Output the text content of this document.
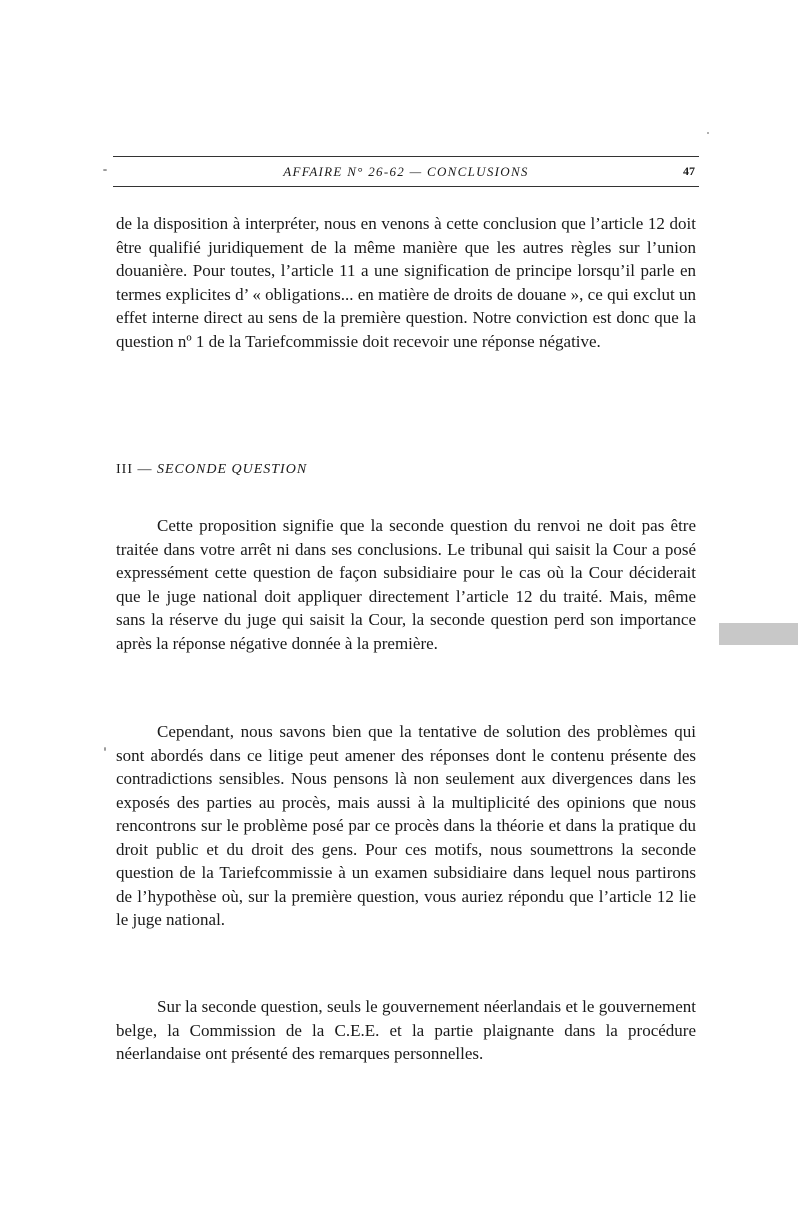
AFFAIRE N° 26-62 — CONCLUSIONS	47

de la disposition à interpréter, nous en venons à cette conclusion que l’article 12 doit être qualifié juridiquement de la même manière que les autres règles sur l’union douanière. Pour toutes, l’article 11 a une signification de principe lorsqu’il parle en termes explicites d’ « obligations... en matière de droits de douane », ce qui exclut un effet interne direct au sens de la première question. Notre conviction est donc que la question nº 1 de la Tariefcommissie doit recevoir une réponse négative.

III — SECONDE QUESTION

Cette proposition signifie que la seconde question du renvoi ne doit pas être traitée dans votre arrêt ni dans ses conclusions. Le tribunal qui saisit la Cour a posé expressément cette question de façon subsidiaire pour le cas où la Cour déciderait que le juge national doit appliquer directement l’article 12 du traité. Mais, même sans la réserve du juge qui saisit la Cour, la seconde question perd son importance après la réponse négative donnée à la première.

Cependant, nous savons bien que la tentative de solution des problèmes qui sont abordés dans ce litige peut amener des réponses dont le contenu présente des contradictions sensibles. Nous pensons là non seulement aux divergences dans les exposés des parties au procès, mais aussi à la multiplicité des opinions que nous rencontrons sur le problème posé par ce procès dans la théorie et dans la pratique du droit public et du droit des gens. Pour ces motifs, nous soumettrons la seconde question de la Tariefcommissie à un examen subsidiaire dans lequel nous partirons de l’hypothèse où, sur la première question, vous auriez répondu que l’article 12 lie le juge national.

Sur la seconde question, seuls le gouvernement néerlandais et le gouvernement belge, la Commission de la C.E.E. et la partie plaignante dans la procédure néerlandaise ont présenté des remarques personnelles.
